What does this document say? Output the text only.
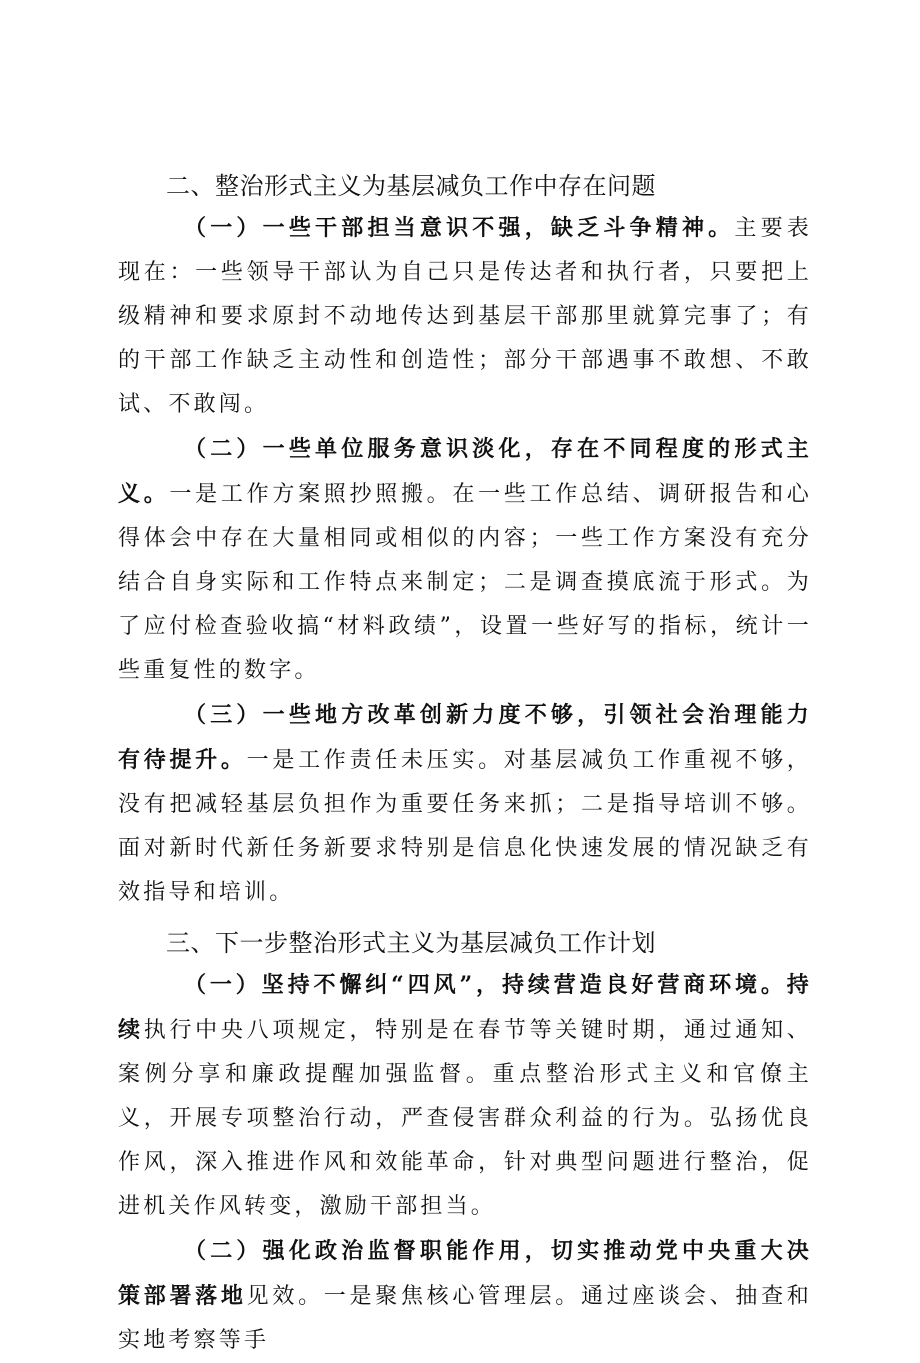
二、整治形式主义为基层减负工作中存在问题

（一）一些干部担当意识不强，缺乏斗争精神。主要表现在：一些领导干部认为自己只是传达者和执行者，只要把上级精神和要求原封不动地传达到基层干部那里就算完事了；有的干部工作缺乏主动性和创造性；部分干部遇事不敢想、不敢试、不敢闯。

（二）一些单位服务意识淡化，存在不同程度的形式主义。一是工作方案照抄照搬。在一些工作总结、调研报告和心得体会中存在大量相同或相似的内容；一些工作方案没有充分结合自身实际和工作特点来制定；二是调查摸底流于形式。为了应付检查验收搞“材料政绩”，设置一些好写的指标，统计一些重复性的数字。

（三）一些地方改革创新力度不够，引领社会治理能力有待提升。一是工作责任未压实。对基层减负工作重视不够，没有把减轻基层负担作为重要任务来抓；二是指导培训不够。面对新时代新任务新要求特别是信息化快速发展的情况缺乏有效指导和培训。

三、下一步整治形式主义为基层减负工作计划

（一）坚持不懈纠“四风”，持续营造良好营商环境。持续执行中央八项规定，特别是在春节等关键时期，通过通知、案例分享和廉政提醒加强监督。重点整治形式主义和官僚主义，开展专项整治行动，严查侵害群众利益的行为。弘扬优良作风，深入推进作风和效能革命，针对典型问题进行整治，促进机关作风转变，激励干部担当。

（二）强化政治监督职能作用，切实推动党中央重大决策部署落地见效。一是聚焦核心管理层。通过座谈会、抽查和实地考察等手
